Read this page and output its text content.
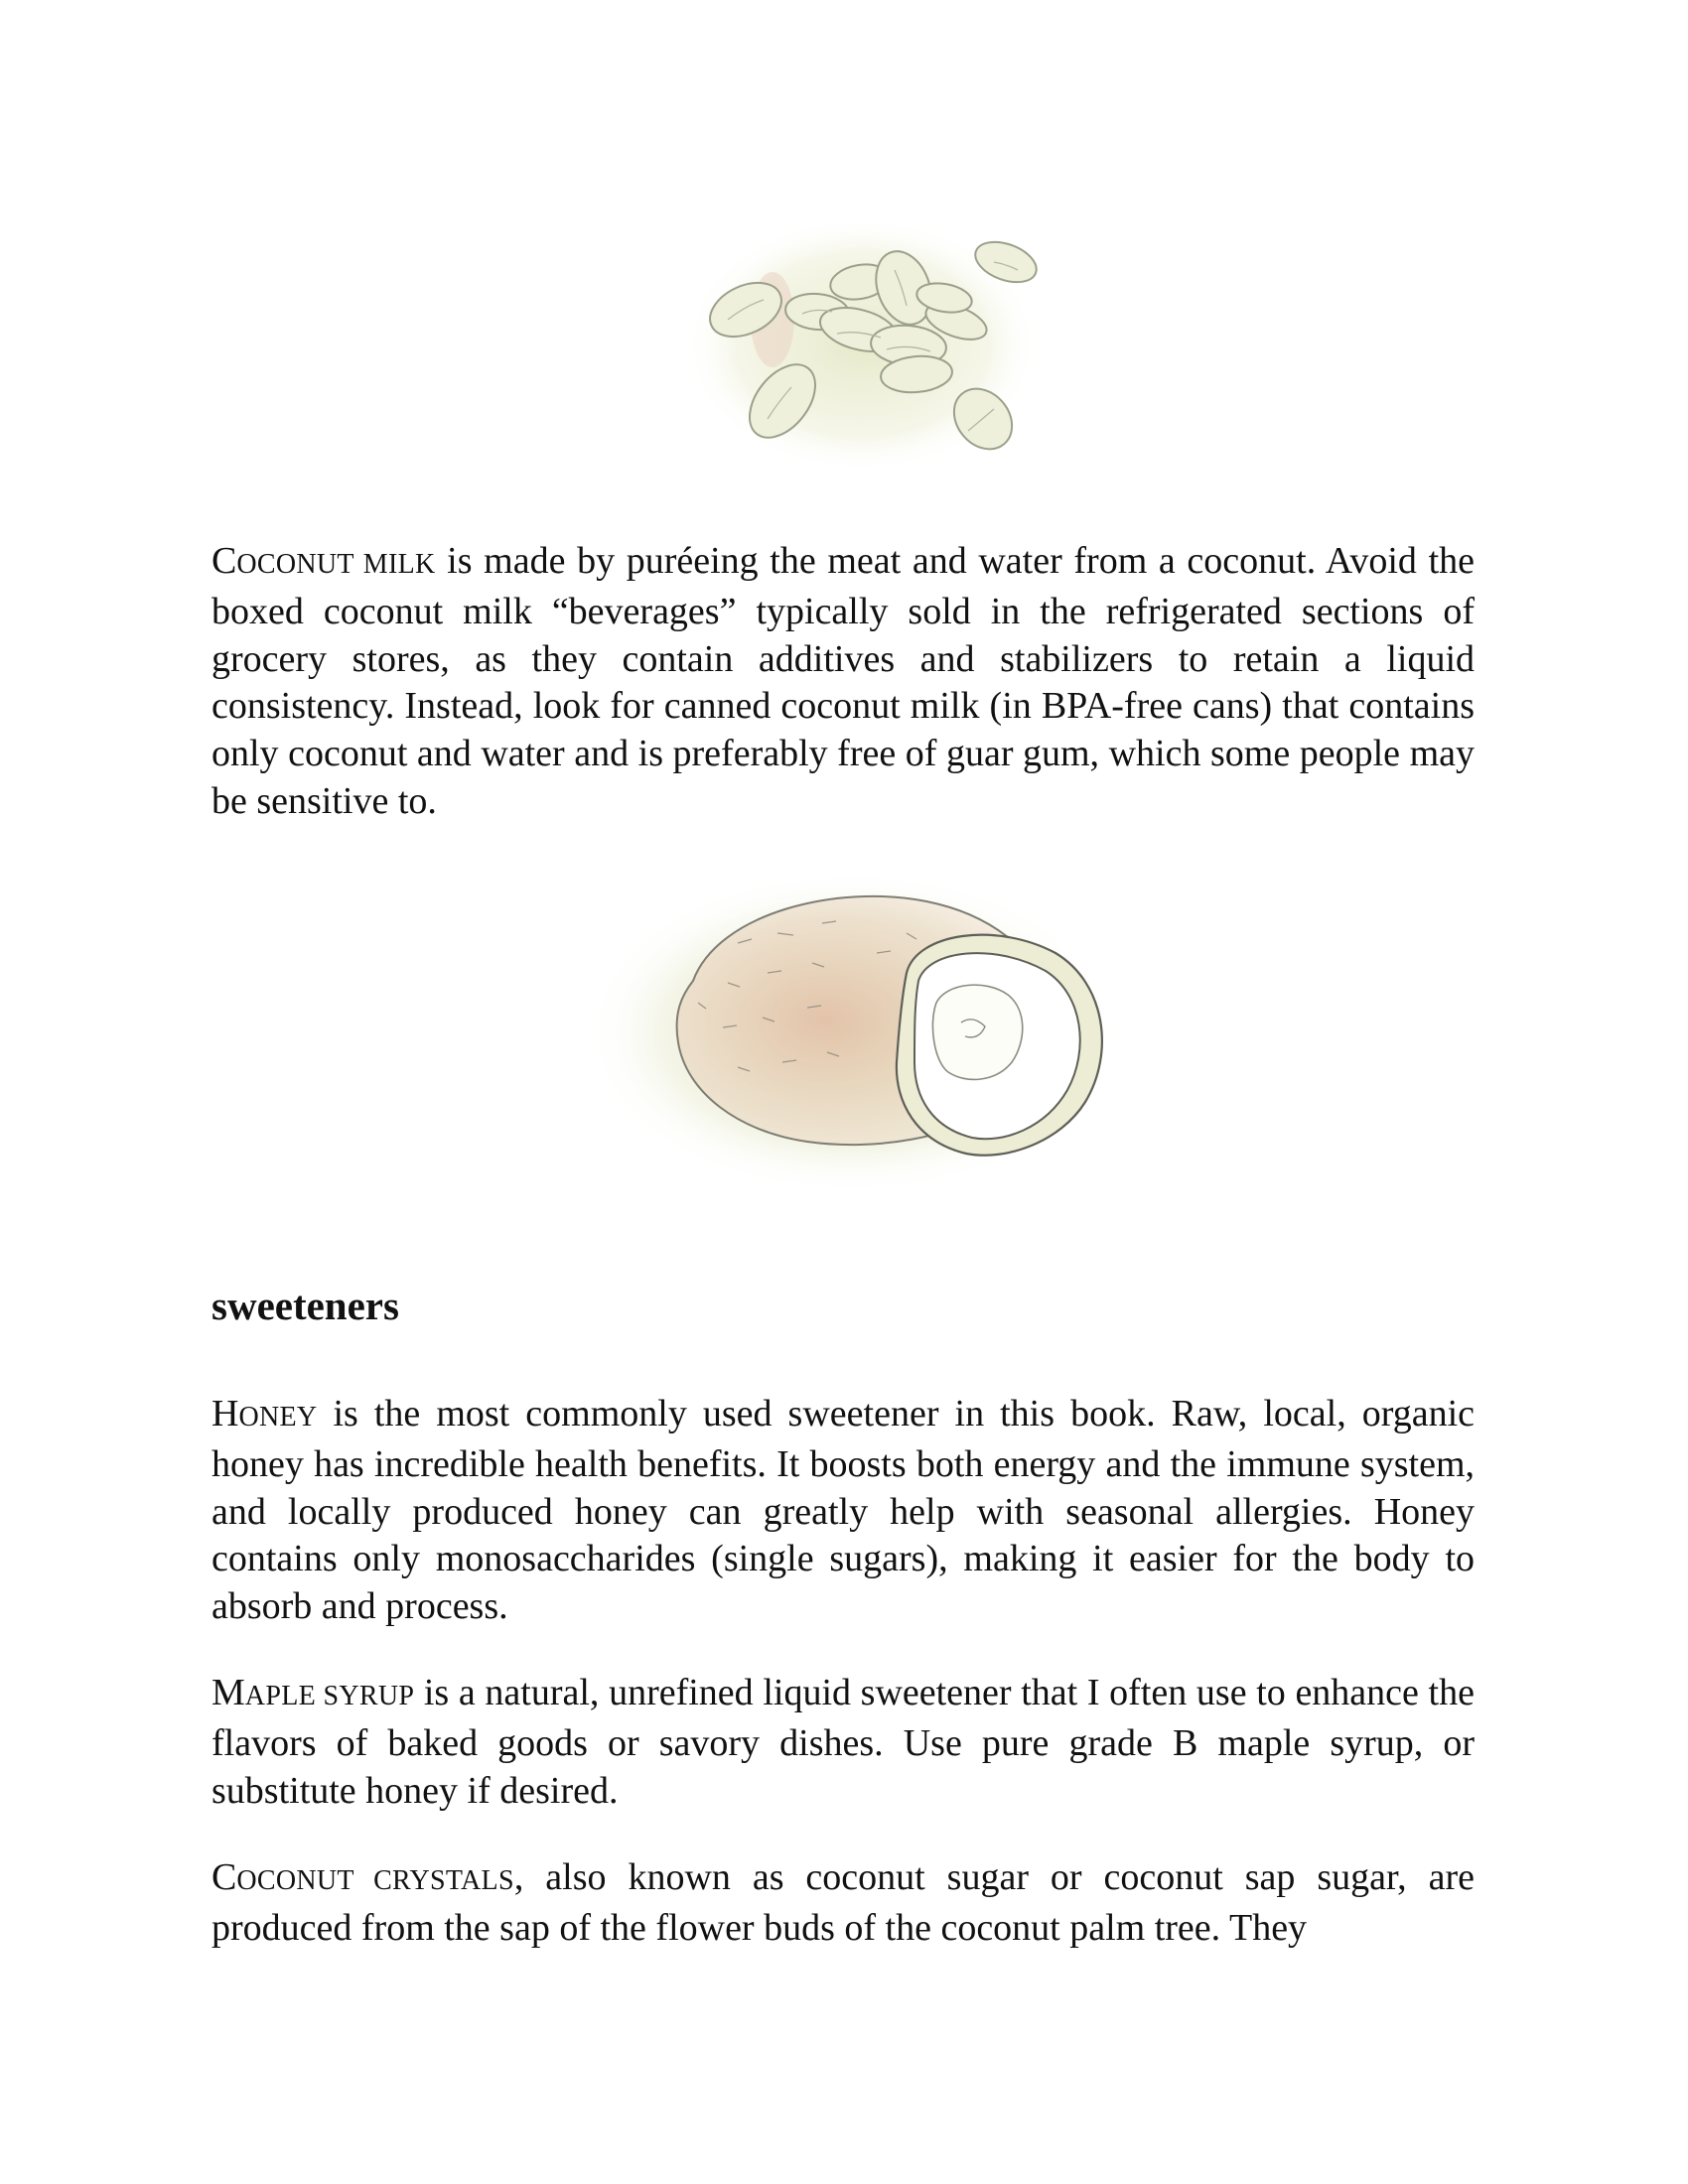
COCONUT MILK is made by puréeing the meat and water from a coconut. Avoid the boxed coconut milk “beverages” typically sold in the refrigerated sections of grocery stores, as they contain additives and stabilizers to retain a liquid consistency. Instead, look for canned coconut milk (in BPA-free cans) that contains only coconut and water and is preferably free of guar gum, which some people may be sensitive to.

sweeteners

HONEY is the most commonly used sweetener in this book. Raw, local, organic honey has incredible health benefits. It boosts both energy and the immune system, and locally produced honey can greatly help with seasonal allergies. Honey contains only monosaccharides (single sugars), making it easier for the body to absorb and process.

MAPLE SYRUP is a natural, unrefined liquid sweetener that I often use to enhance the flavors of baked goods or savory dishes. Use pure grade B maple syrup, or substitute honey if desired.

COCONUT CRYSTALS, also known as coconut sugar or coconut sap sugar, are produced from the sap of the flower buds of the coconut palm tree. They
